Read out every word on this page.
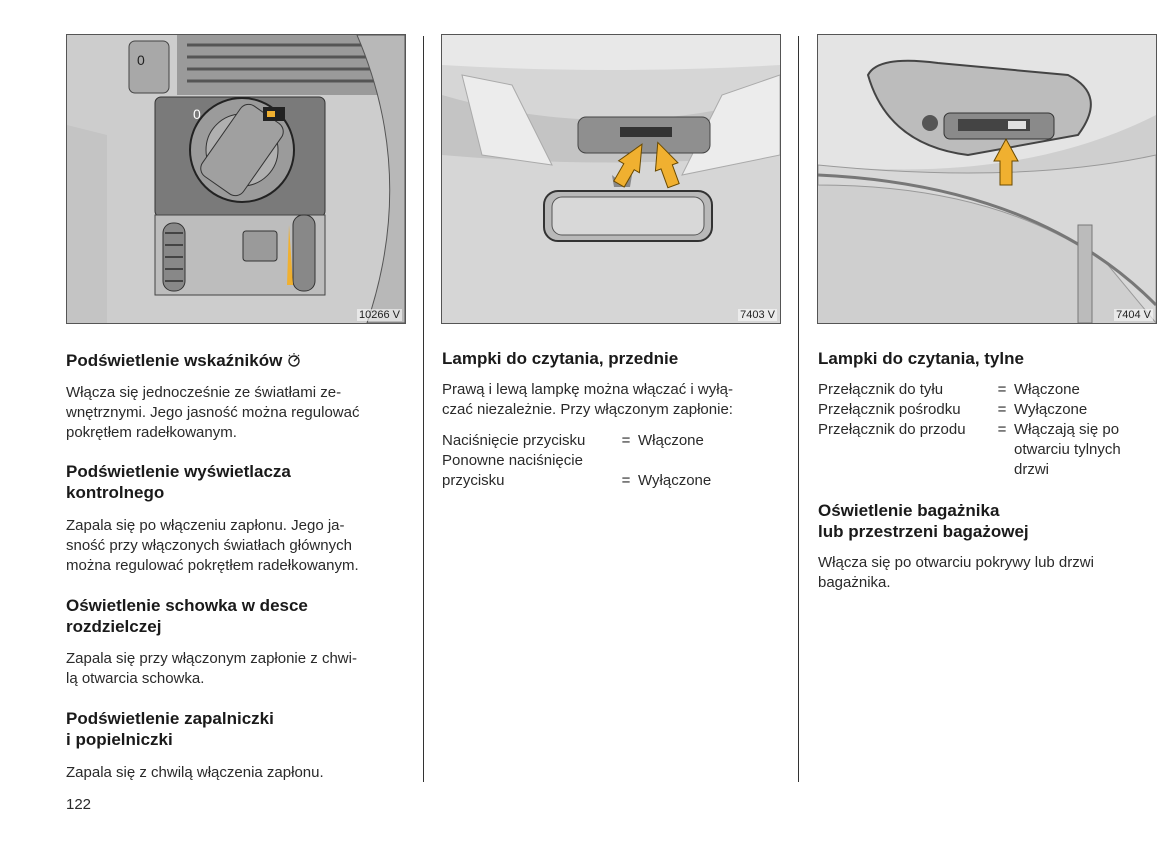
0
0
10266 V	7403 V	7404 V
Podświetlenie wskaźników

Włącza się jednocześnie ze światłami ze-

wnętrznymi. Jego jasność można regulować

pokrętłem radełkowanym.

Podświetlenie wyświetlacza
kontrolnego

Zapala się po włączeniu zapłonu. Jego ja-

sność przy włączonych światłach głównych

można regulować pokrętłem radełkowanym.

Oświetlenie schowka w desce
rozdzielczej

Zapala się przy włączonym zapłonie z chwi-

lą otwarcia schowka.

Podświetlenie zapalniczki
i popielniczki

Zapala się z chwilą włączenia zapłonu.

122
Lampki do czytania, przednie

Prawą i lewą lampkę można włączać i wyłą-

czać niezależnie. Przy włączonym zapłonie:

Naciśnięcie przycisku	= Włączone
Ponowne naciśnięcie
przycisku	= Wyłączone
Lampki do czytania, tylne
Przełącznik do tyłu	= Włączone
Przełącznik pośrodku	= Wyłączone
Przełącznik do przodu	= Włączają się po
otwarciu tylnych
drzwi
Oświetlenie bagażnika
lub przestrzeni bagażowej

Włącza się po otwarciu pokrywy lub drzwi

bagażnika.
